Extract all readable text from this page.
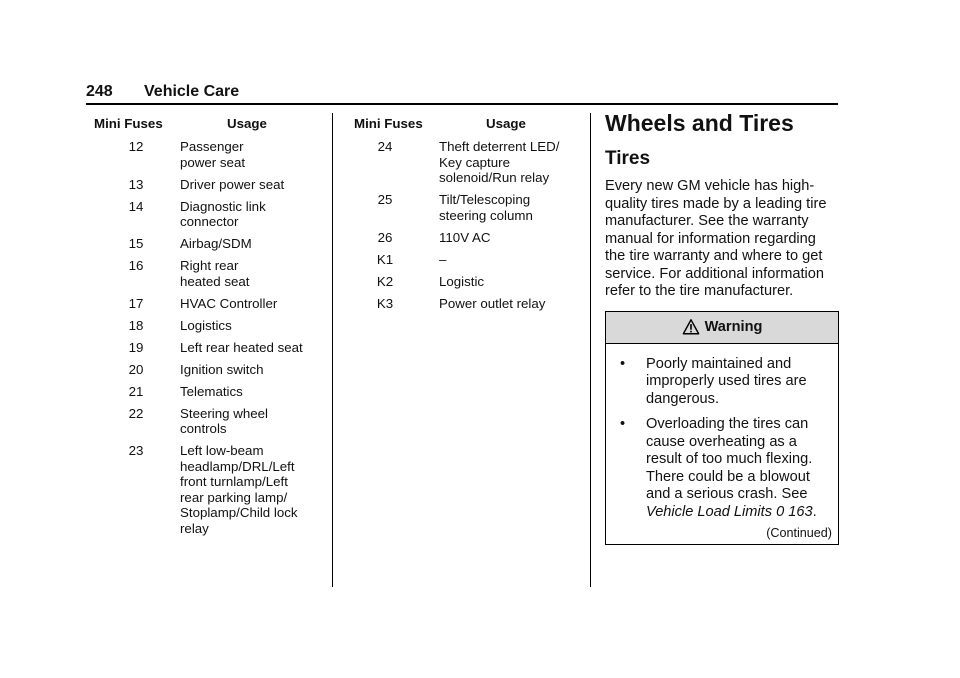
248 Vehicle Care
Mini Fuses	Usage
12	Passenger
power seat
13	Driver power seat
14	Diagnostic link
connector
15	Airbag/SDM
16	Right rear
heated seat
17	HVAC Controller
18	Logistics
19	Left rear heated seat
20	Ignition switch
21	Telematics
22	Steering wheel
controls
23	Left low-beam
headlamp/DRL/Left
front turnlamp/Left
rear parking lamp/
Stoplamp/Child lock
relay
Mini Fuses	Usage
24	Theft deterrent LED/
Key capture
solenoid/Run relay
25	Tilt/Telescoping
steering column
26	110V AC
K1	–
K2	Logistic
K3	Power outlet relay
Wheels and Tires
Tires

Every new GM vehicle has high-quality tires made by a leading tire manufacturer. See the warranty manual for information regarding the tire warranty and where to get service. For additional information refer to the tire manufacturer.

Warning
• Poorly maintained and improperly used tires are dangerous.
• Overloading the tires can cause overheating as a result of too much flexing. There could be a blowout and a serious crash. See Vehicle Load Limits 0 163.
(Continued)
